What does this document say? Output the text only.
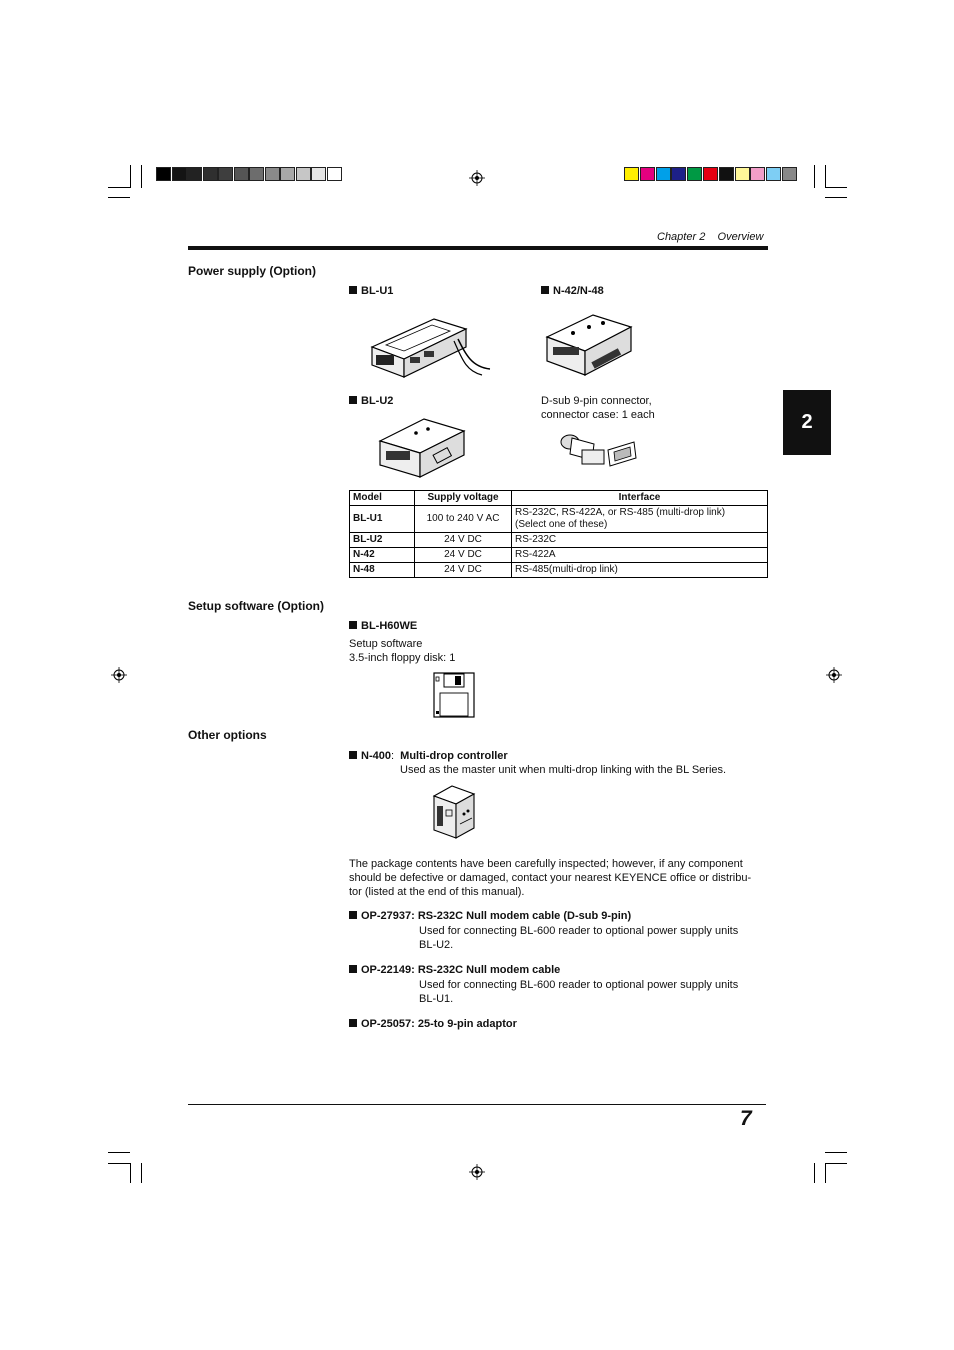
Chapter 2 Overview
2
Power supply (Option)
BL-U1	N-42/N-48
BL-U2	D-sub 9-pin connector,
connector case: 1 each
Model	Supply voltage	Interface
BL-U1	100 to 240 V AC	RS-232C, RS-422A, or RS-485 (multi-drop link)
(Select one of these)

BL-U2	24 V DC	RS-232C
N-42	24 V DC	RS-422A
N-48	24 V DC	RS-485(multi-drop link)
Setup software (Option)
BL-H60WE
Setup software
3.5-inch floppy disk: 1
Other options
N-400: Multi-drop controller
Used as the master unit when multi-drop linking with the BL Series.
The package contents have been carefully inspected; however, if any component
should be defective or damaged, contact your nearest KEYENCE office or distribu-
tor (listed at the end of this manual).
OP-27937: RS-232C Null modem cable (D-sub 9-pin)
Used for connecting BL-600 reader to optional power supply units
BL-U2.
OP-22149: RS-232C Null modem cable
Used for connecting BL-600 reader to optional power supply units
BL-U1.
OP-25057: 25-to 9-pin adaptor
7
